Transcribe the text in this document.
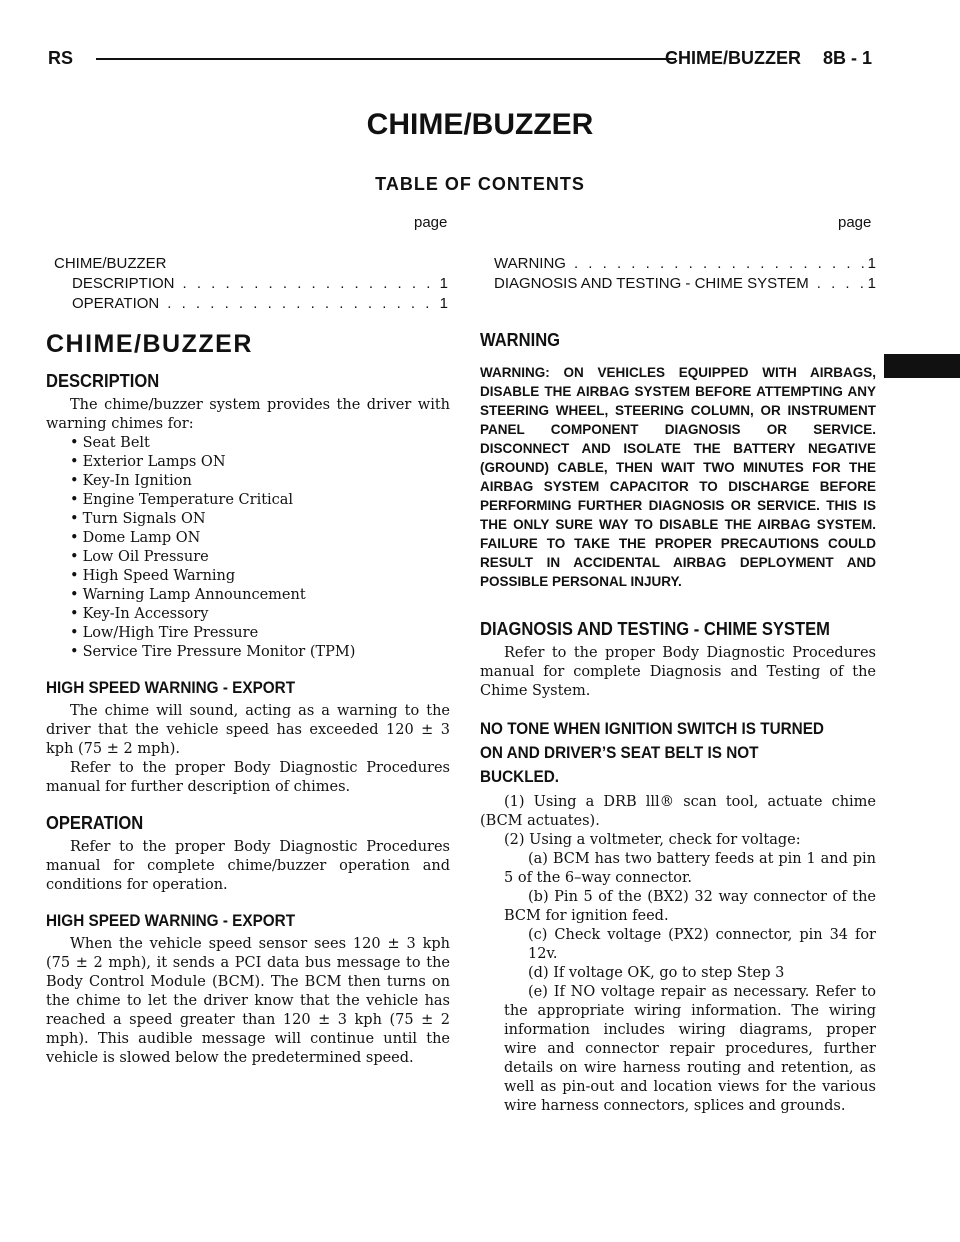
RS	CHIME/BUZZER 8B - 1
CHIME/BUZZER
TABLE OF CONTENTS
page	page
CHIME/BUZZER
DESCRIPTION . . .	1
OPERATION . . .	1
WARNING . . .	1
DIAGNOSIS AND TESTING - CHIME SYSTEM . . .	1
CHIME/BUZZER
DESCRIPTION

The chime/buzzer system provides the driver with warning chimes for:

• Seat Belt
• Exterior Lamps ON
• Key-In Ignition
• Engine Temperature Critical
• Turn Signals ON
• Dome Lamp ON
• Low Oil Pressure
• High Speed Warning
• Warning Lamp Announcement
• Key-In Accessory
• Low/High Tire Pressure
• Service Tire Pressure Monitor (TPM)
HIGH SPEED WARNING - EXPORT

The chime will sound, acting as a warning to the driver that the vehicle speed has exceeded 120 ± 3 kph (75 ± 2 mph).

Refer to the proper Body Diagnostic Procedures manual for further description of chimes.

OPERATION

Refer to the proper Body Diagnostic Procedures manual for complete chime/buzzer operation and conditions for operation.

HIGH SPEED WARNING - EXPORT

When the vehicle speed sensor sees 120 ± 3 kph (75 ± 2 mph), it sends a PCI data bus message to the Body Control Module (BCM). The BCM then turns on the chime to let the driver know that the vehicle has reached a speed greater than 120 ± 3 kph (75 ± 2 mph). This audible message will continue until the vehicle is slowed below the predetermined speed.

WARNING
WARNING: ON VEHICLES EQUIPPED WITH AIRBAGS, DISABLE THE AIRBAG SYSTEM BEFORE ATTEMPTING ANY STEERING WHEEL, STEERING COLUMN, OR INSTRUMENT PANEL COMPONENT DIAGNOSIS OR SERVICE. DISCONNECT AND ISOLATE THE BATTERY NEGATIVE (GROUND) CABLE, THEN WAIT TWO MINUTES FOR THE AIRBAG SYSTEM CAPACITOR TO DISCHARGE BEFORE PERFORMING FURTHER DIAGNOSIS OR SERVICE. THIS IS THE ONLY SURE WAY TO DISABLE THE AIRBAG SYSTEM. FAILURE TO TAKE THE PROPER PRECAUTIONS COULD RESULT IN ACCIDENTAL AIRBAG DEPLOYMENT AND POSSIBLE PERSONAL INJURY.
DIAGNOSIS AND TESTING - CHIME SYSTEM

Refer to the proper Body Diagnostic Procedures manual for complete Diagnosis and Testing of the Chime System.

NO TONE WHEN IGNITION SWITCH IS TURNED ON AND DRIVER’S SEAT BELT IS NOT BUCKLED.

(1) Using a DRB lll® scan tool, actuate chime (BCM actuates).

(2) Using a voltmeter, check for voltage:

(a) BCM has two battery feeds at pin 1 and pin 5 of the 6–way connector.

(b) Pin 5 of the (BX2) 32 way connector of the BCM for ignition feed.

(c) Check voltage (PX2) connector, pin 34 for 12v.

(d) If voltage OK, go to step Step 3

(e) If NO voltage repair as necessary. Refer to the appropriate wiring information. The wiring information includes wiring diagrams, proper wire and connector repair procedures, further details on wire harness routing and retention, as well as pin-out and location views for the various wire harness connectors, splices and grounds.
